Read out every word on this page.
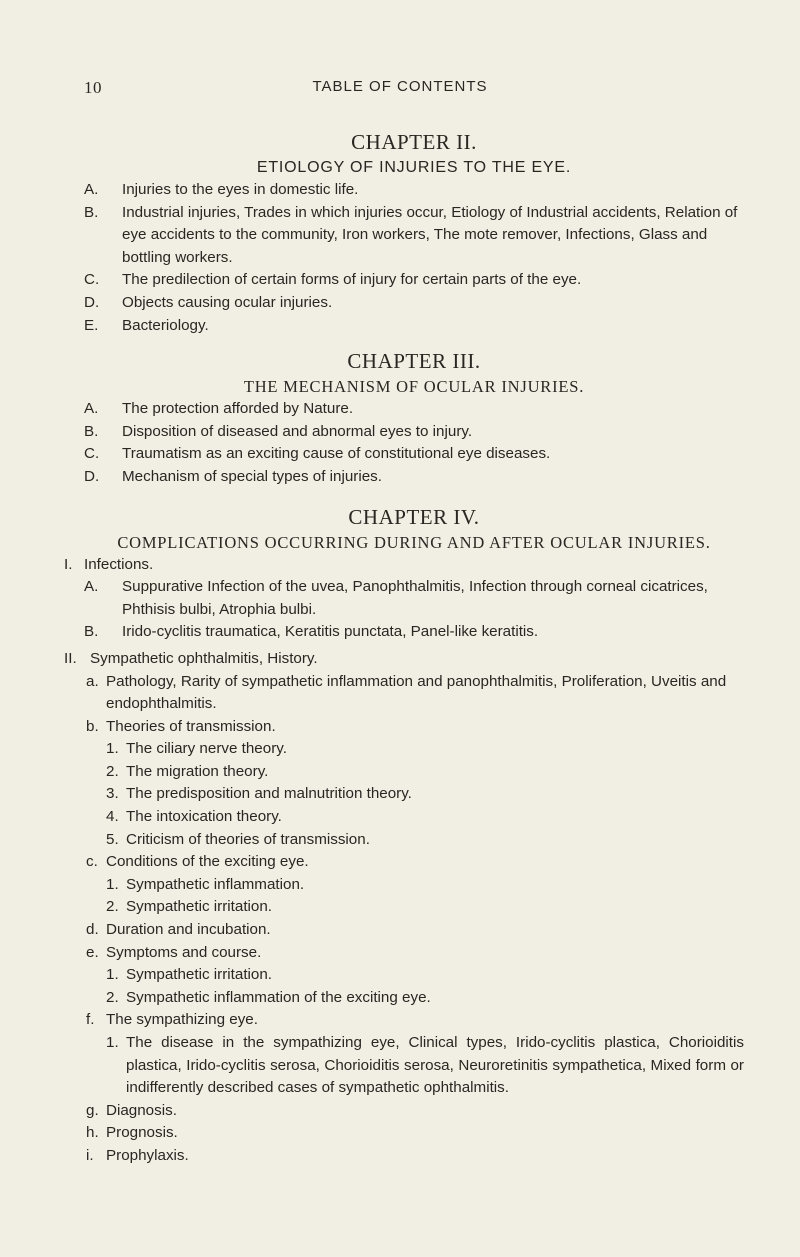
10	TABLE OF CONTENTS
CHAPTER II.
ETIOLOGY OF INJURIES TO THE EYE.
A. Injuries to the eyes in domestic life.
B. Industrial injuries, Trades in which injuries occur, Etiology of Industrial accidents, Relation of eye accidents to the community, Iron workers, The mote remover, Infections, Glass and bottling workers.
C. The predilection of certain forms of injury for certain parts of the eye.
D. Objects causing ocular injuries.
E. Bacteriology.
CHAPTER III.
THE MECHANISM OF OCULAR INJURIES.
A. The protection afforded by Nature.
B. Disposition of diseased and abnormal eyes to injury.
C. Traumatism as an exciting cause of constitutional eye diseases.
D. Mechanism of special types of injuries.
CHAPTER IV.
COMPLICATIONS OCCURRING DURING AND AFTER OCULAR INJURIES.
I. Infections.
A. Suppurative Infection of the uvea, Panophthalmitis, Infection through corneal cicatrices, Phthisis bulbi, Atrophia bulbi.
B. Irido-cyclitis traumatica, Keratitis punctata, Panel-like keratitis.
II. Sympathetic ophthalmitis, History.
a. Pathology, Rarity of sympathetic inflammation and panophthalmitis, Proliferation, Uveitis and endophthalmitis.
b. Theories of transmission.
1. The ciliary nerve theory.
2. The migration theory.
3. The predisposition and malnutrition theory.
4. The intoxication theory.
5. Criticism of theories of transmission.
c. Conditions of the exciting eye.
1. Sympathetic inflammation.
2. Sympathetic irritation.
d. Duration and incubation.
e. Symptoms and course.
1. Sympathetic irritation.
2. Sympathetic inflammation of the exciting eye.
f. The sympathizing eye.
1. The disease in the sympathizing eye, Clinical types, Irido-cyclitis plastica, Chorioiditis plastica, Irido-cyclitis serosa, Chorioiditis serosa, Neuroretinitis sympathetica, Mixed form or indifferently described cases of sympathetic ophthalmitis.
g. Diagnosis.
h. Prognosis.
i. Prophylaxis.
